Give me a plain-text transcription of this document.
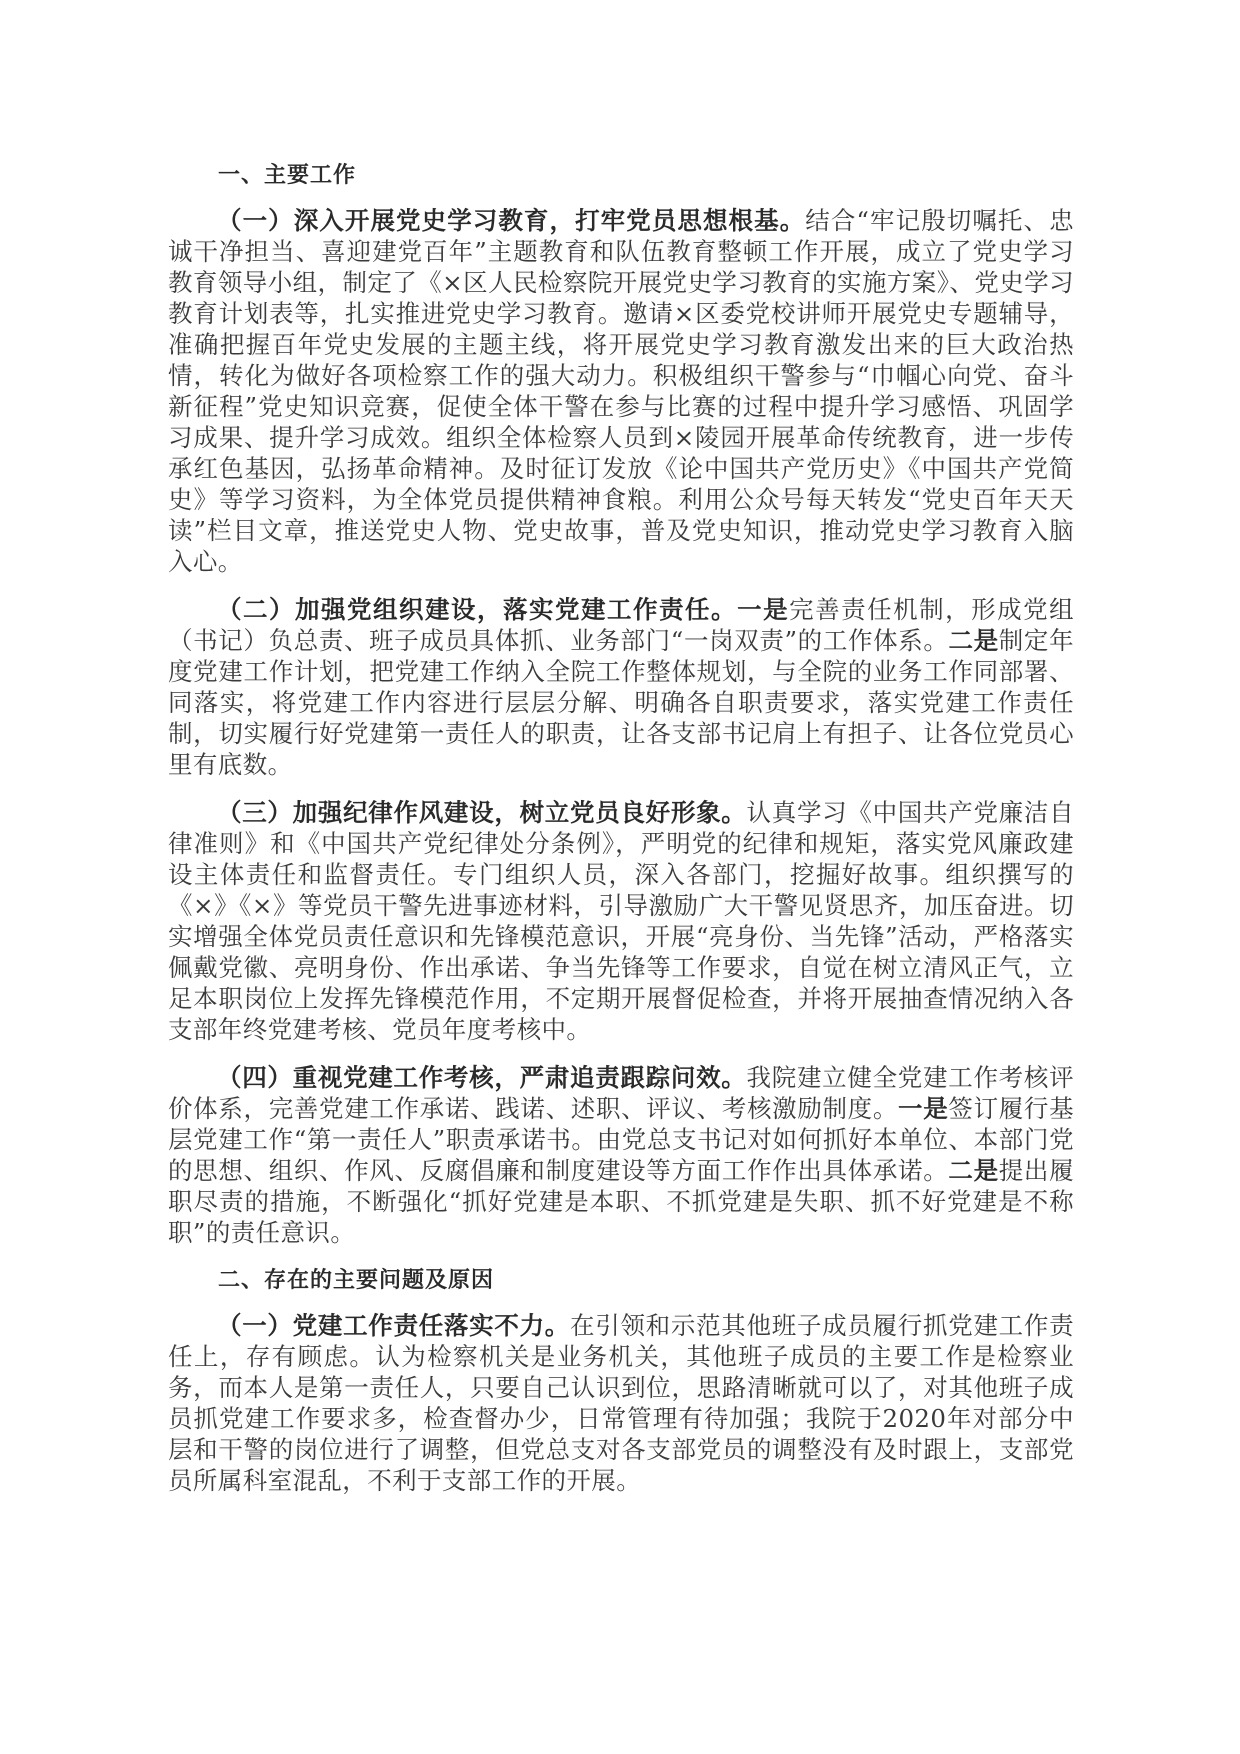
一、主要工作

（一）深入开展党史学习教育，打牢党员思想根基。结合“牢记殷切嘱托、忠诚干净担当、喜迎建党百年”主题教育和队伍教育整顿工作开展，成立了党史学习教育领导小组，制定了《×区人民检察院开展党史学习教育的实施方案》、党史学习教育计划表等，扎实推进党史学习教育。邀请×区委党校讲师开展党史专题辅导，准确把握百年党史发展的主题主线，将开展党史学习教育激发出来的巨大政治热情，转化为做好各项检察工作的强大动力。积极组织干警参与“巾帼心向党、奋斗新征程”党史知识竞赛，促使全体干警在参与比赛的过程中提升学习感悟、巩固学习成果、提升学习成效。组织全体检察人员到×陵园开展革命传统教育，进一步传承红色基因，弘扬革命精神。及时征订发放《论中国共产党历史》《中国共产党简史》等学习资料，为全体党员提供精神食粮。利用公众号每天转发“党史百年天天读”栏目文章，推送党史人物、党史故事，普及党史知识，推动党史学习教育入脑入心。

（二）加强党组织建设，落实党建工作责任。一是完善责任机制，形成党组（书记）负总责、班子成员具体抓、业务部门“一岗双责”的工作体系。二是制定年度党建工作计划，把党建工作纳入全院工作整体规划，与全院的业务工作同部署、同落实，将党建工作内容进行层层分解、明确各自职责要求，落实党建工作责任制，切实履行好党建第一责任人的职责，让各支部书记肩上有担子、让各位党员心里有底数。

（三）加强纪律作风建设，树立党员良好形象。认真学习《中国共产党廉洁自律准则》和《中国共产党纪律处分条例》，严明党的纪律和规矩，落实党风廉政建设主体责任和监督责任。专门组织人员，深入各部门，挖掘好故事。组织撰写的《×》《×》等党员干警先进事迹材料，引导激励广大干警见贤思齐，加压奋进。切实增强全体党员责任意识和先锋模范意识，开展“亮身份、当先锋”活动，严格落实佩戴党徽、亮明身份、作出承诺、争当先锋等工作要求，自觉在树立清风正气，立足本职岗位上发挥先锋模范作用，不定期开展督促检查，并将开展抽查情况纳入各支部年终党建考核、党员年度考核中。

（四）重视党建工作考核，严肃追责跟踪问效。我院建立健全党建工作考核评价体系，完善党建工作承诺、践诺、述职、评议、考核激励制度。一是签订履行基层党建工作“第一责任人”职责承诺书。由党总支书记对如何抓好本单位、本部门党的思想、组织、作风、反腐倡廉和制度建设等方面工作作出具体承诺。二是提出履职尽责的措施，不断强化“抓好党建是本职、不抓党建是失职、抓不好党建是不称职”的责任意识。

二、存在的主要问题及原因

（一）党建工作责任落实不力。在引领和示范其他班子成员履行抓党建工作责任上，存有顾虑。认为检察机关是业务机关，其他班子成员的主要工作是检察业务，而本人是第一责任人，只要自己认识到位，思路清晰就可以了，对其他班子成员抓党建工作要求多，检查督办少，日常管理有待加强；我院于2020年对部分中层和干警的岗位进行了调整，但党总支对各支部党员的调整没有及时跟上，支部党员所属科室混乱，不利于支部工作的开展。
